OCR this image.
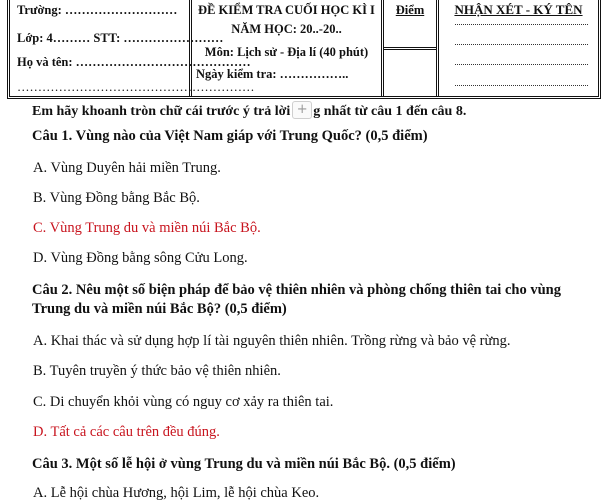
Trường: ………………………
Lớp: 4……… STT: ……………………
Họ và tên: ……………………………………
…………………………………………………
ĐỀ KIỂM TRA CUỐI HỌC KÌ I
NĂM HỌC: 20..-20..
Môn: Lịch sử - Địa lí (40 phút)
Ngày kiểm tra: ……………..
Điểm	NHẬN XÉT - KÝ TÊN
Em hãy khoanh tròn chữ cái trước ý trả lời + g nhất từ câu 1 đến câu 8.
Câu 1. Vùng nào của Việt Nam giáp với Trung Quốc? (0,5 điểm)
A. Vùng Duyên hải miền Trung.
B. Vùng Đồng bằng Bắc Bộ.
C. Vùng Trung du và miền núi Bắc Bộ.
D. Vùng Đồng bằng sông Cửu Long.
Câu 2. Nêu một số biện pháp để bảo vệ thiên nhiên và phòng chống thiên tai cho vùng
Trung du và miền núi Bắc Bộ? (0,5 điểm)
A. Khai thác và sử dụng hợp lí tài nguyên thiên nhiên. Trồng rừng và bảo vệ rừng.
B. Tuyên truyền ý thức bảo vệ thiên nhiên.
C. Di chuyển khỏi vùng có nguy cơ xảy ra thiên tai.
D. Tất cả các câu trên đều đúng.
Câu 3. Một số lễ hội ở vùng Trung du và miền núi Bắc Bộ. (0,5 điểm)
A. Lễ hội chùa Hương, hội Lim, lễ hội chùa Keo.
